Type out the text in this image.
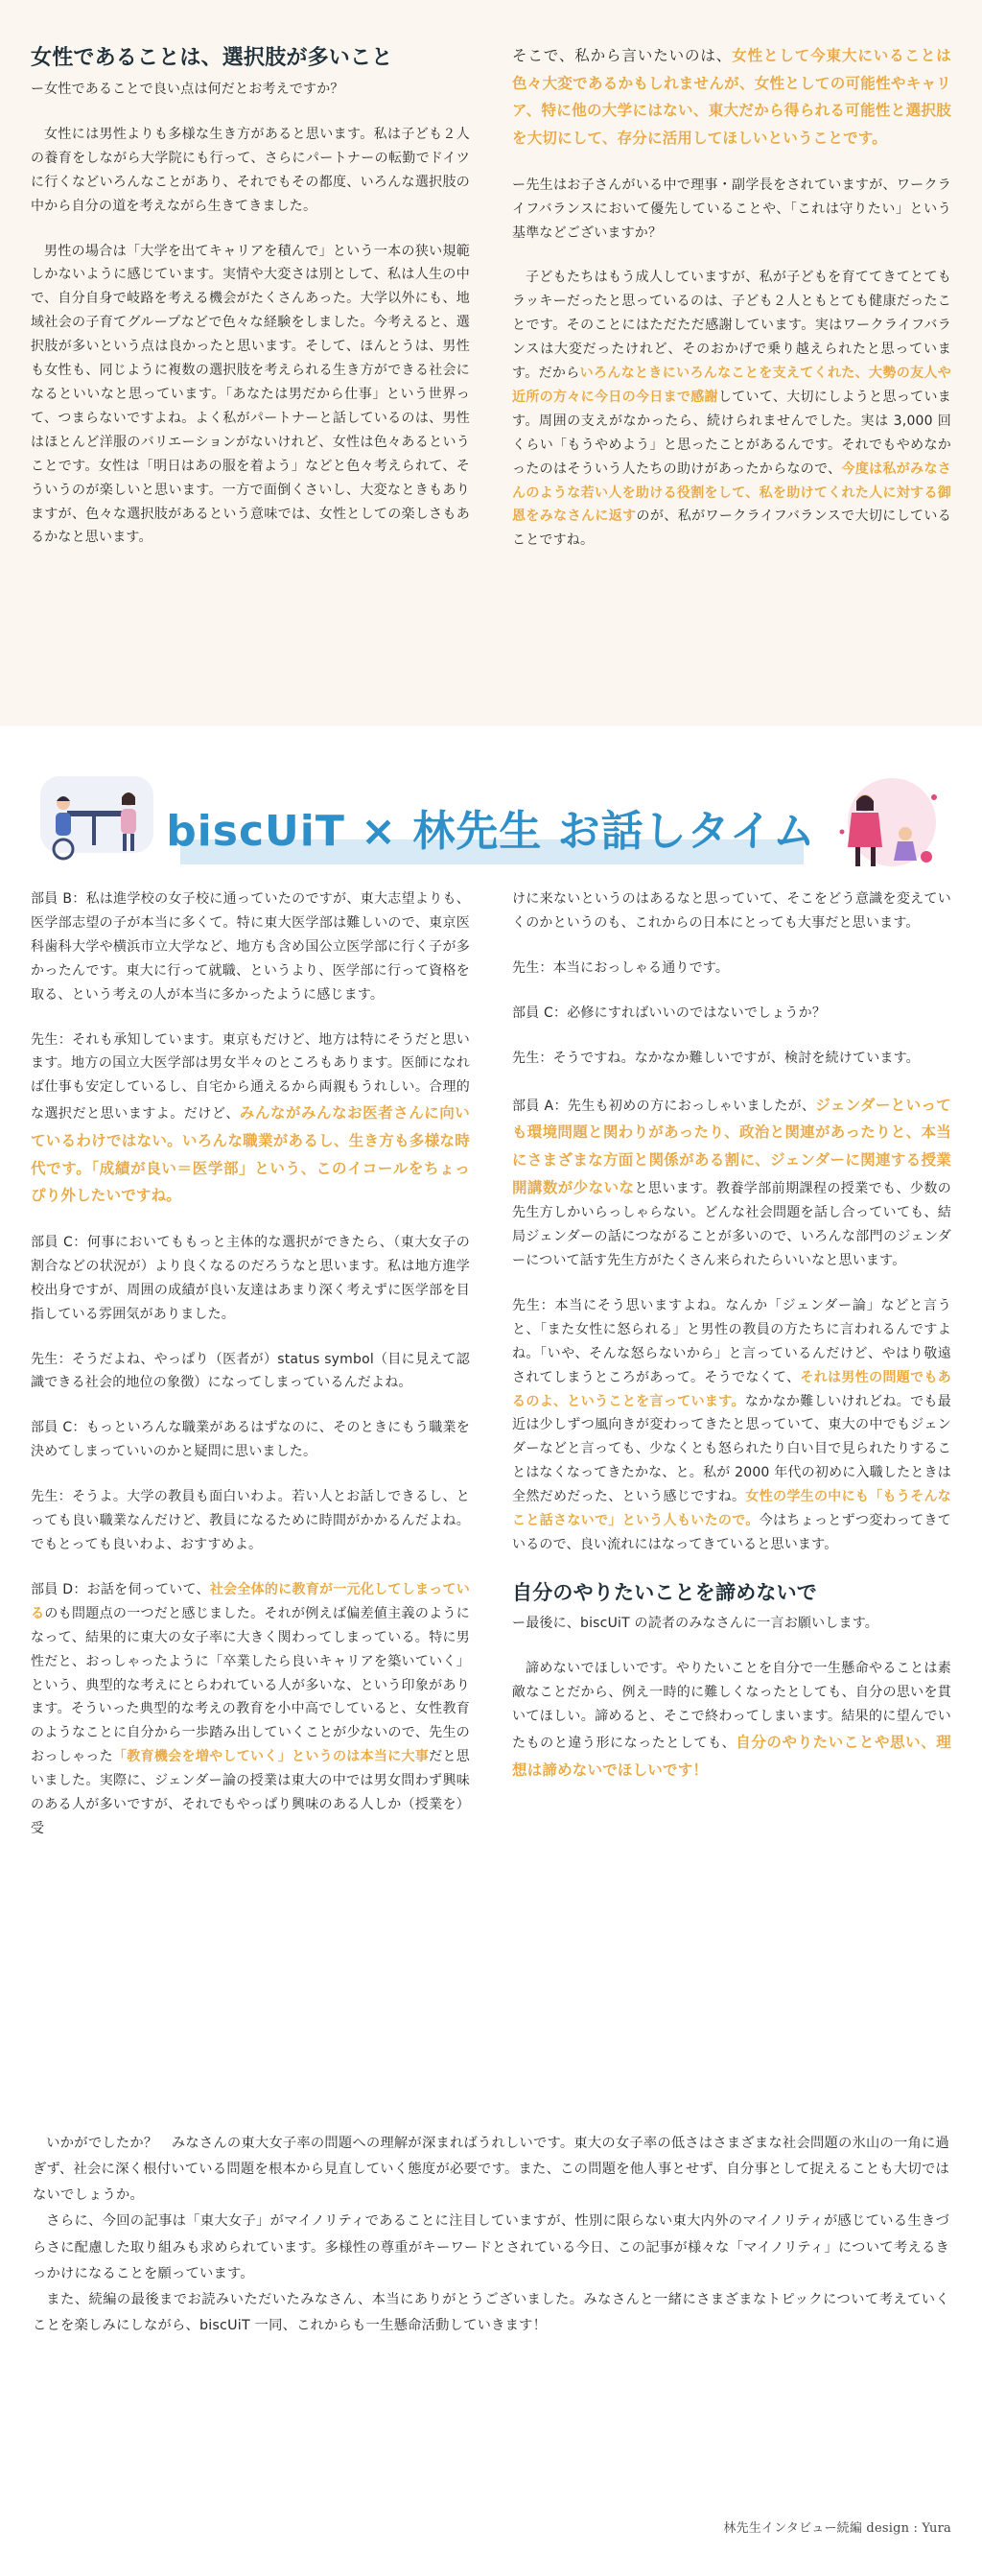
女性であることは、選択肢が多いこと

ー女性であることで良い点は何だとお考えですか？

女性には男性よりも多様な生き方があると思います。私は子ども２人の養育をしながら大学院にも行って、さらにパートナーの転勤でドイツに行くなどいろんなことがあり、それでもその都度、いろんな選択肢の中から自分の道を考えながら生きてきました。

男性の場合は「大学を出てキャリアを積んで」という一本の狭い規範しかないように感じています。実情や大変さは別として、私は人生の中で、自分自身で岐路を考える機会がたくさんあった。大学以外にも、地域社会の子育てグループなどで色々な経験をしました。今考えると、選択肢が多いという点は良かったと思います。そして、ほんとうは、男性も女性も、同じように複数の選択肢を考えられる生き方ができる社会になるといいなと思っています。「あなたは男だから仕事」という世界って、つまらないですよね。よく私がパートナーと話しているのは、男性はほとんど洋服のバリエーションがないけれど、女性は色々あるということです。女性は「明日はあの服を着よう」などと色々考えられて、そういうのが楽しいと思います。一方で面倒くさいし、大変なときもありますが、色々な選択肢があるという意味では、女性としての楽しさもあるかなと思います。

そこで、私から言いたいのは、女性として今東大にいることは色々大変であるかもしれませんが、女性としての可能性やキャリア、特に他の大学にはない、東大だから得られる可能性と選択肢を大切にして、存分に活用してほしいということです。

ー先生はお子さんがいる中で理事・副学長をされていますが、ワークライフバランスにおいて優先していることや、「これは守りたい」という基準などございますか？

子どもたちはもう成人していますが、私が子どもを育ててきてとてもラッキーだったと思っているのは、子ども２人ともとても健康だったことです。そのことにはただただ感謝しています。実はワークライフバランスは大変だったけれど、そのおかげで乗り越えられたと思っています。だからいろんなときにいろんなことを支えてくれた、大勢の友人や近所の方々に今日の今日まで感謝していて、大切にしようと思っています。周囲の支えがなかったら、続けられませんでした。実は 3,000 回くらい「もうやめよう」と思ったことがあるんです。それでもやめなかったのはそういう人たちの助けがあったからなので、今度は私がみなさんのような若い人を助ける役割をして、私を助けてくれた人に対する御恩をみなさんに返すのが、私がワークライフバランスで大切にしていることですね。

biscUiT × 林先生 お話しタイム

部員 B：私は進学校の女子校に通っていたのですが、東大志望よりも、医学部志望の子が本当に多くて。特に東大医学部は難しいので、東京医科歯科大学や横浜市立大学など、地方も含め国公立医学部に行く子が多かったんです。東大に行って就職、というより、医学部に行って資格を取る、という考えの人が本当に多かったように感じます。

先生：それも承知しています。東京もだけど、地方は特にそうだと思います。地方の国立大医学部は男女半々のところもあります。医師になれば仕事も安定しているし、自宅から通えるから両親もうれしい。合理的な選択だと思いますよ。だけど、みんながみんなお医者さんに向いているわけではない。いろんな職業があるし、生き方も多様な時代です。「成績が良い＝医学部」という、このイコールをちょっぴり外したいですね。

部員 C：何事においてももっと主体的な選択ができたら、（東大女子の割合などの状況が）より良くなるのだろうなと思います。私は地方進学校出身ですが、周囲の成績が良い友達はあまり深く考えずに医学部を目指している雰囲気がありました。

先生：そうだよね、やっぱり（医者が）status symbol（目に見えて認識できる社会的地位の象徴）になってしまっているんだよね。

部員 C：もっといろんな職業があるはずなのに、そのときにもう職業を決めてしまっていいのかと疑問に思いました。

先生：そうよ。大学の教員も面白いわよ。若い人とお話しできるし、とっても良い職業なんだけど、教員になるために時間がかかるんだよね。でもとっても良いわよ、おすすめよ。

部員 D：お話を伺っていて、社会全体的に教育が一元化してしまっているのも問題点の一つだと感じました。それが例えば偏差値主義のようになって、結果的に東大の女子率に大きく関わってしまっている。特に男性だと、おっしゃったように「卒業したら良いキャリアを築いていく」という、典型的な考えにとらわれている人が多いな、という印象があります。そういった典型的な考えの教育を小中高でしていると、女性教育のようなことに自分から一歩踏み出していくことが少ないので、先生のおっしゃった「教育機会を増やしていく」というのは本当に大事だと思いました。実際に、ジェンダー論の授業は東大の中では男女問わず興味のある人が多いですが、それでもやっぱり興味のある人しか（授業を）受

けに来ないというのはあるなと思っていて、そこをどう意識を変えていくのかというのも、これからの日本にとっても大事だと思います。

先生：本当におっしゃる通りです。

部員 C：必修にすればいいのではないでしょうか？

先生：そうですね。なかなか難しいですが、検討を続けています。

部員 A：先生も初めの方におっしゃいましたが、ジェンダーといっても環境問題と関わりがあったり、政治と関連があったりと、本当にさまざまな方面と関係がある割に、ジェンダーに関連する授業開講数が少ないなと思います。教養学部前期課程の授業でも、少数の先生方しかいらっしゃらない。どんな社会問題を話し合っていても、結局ジェンダーの話につながることが多いので、いろんな部門のジェンダーについて話す先生方がたくさん来られたらいいなと思います。

先生：本当にそう思いますよね。なんか「ジェンダー論」などと言うと、「また女性に怒られる」と男性の教員の方たちに言われるんですよね。「いや、そんな怒らないから」と言っているんだけど、やはり敬遠されてしまうところがあって。そうでなくて、それは男性の問題でもあるのよ、ということを言っています。なかなか難しいけれどね。でも最近は少しずつ風向きが変わってきたと思っていて、東大の中でもジェンダーなどと言っても、少なくとも怒られたり白い目で見られたりすることはなくなってきたかな、と。私が 2000 年代の初めに入職したときは全然だめだった、という感じですね。女性の学生の中にも「もうそんなこと話さないで」という人もいたので。今はちょっとずつ変わってきているので、良い流れにはなってきていると思います。

自分のやりたいことを諦めないで

ー最後に、biscUiT の読者のみなさんに一言お願いします。

諦めないでほしいです。やりたいことを自分で一生懸命やることは素敵なことだから、例え一時的に難しくなったとしても、自分の思いを貫いてほしい。諦めると、そこで終わってしまいます。結果的に望んでいたものと違う形になったとしても、自分のやりたいことや思い、理想は諦めないでほしいです！

いかがでしたか？　みなさんの東大女子率の問題への理解が深まればうれしいです。東大の女子率の低さはさまざまな社会問題の氷山の一角に過ぎず、社会に深く根付いている問題を根本から見直していく態度が必要です。また、この問題を他人事とせず、自分事として捉えることも大切ではないでしょうか。

さらに、今回の記事は「東大女子」がマイノリティであることに注目していますが、性別に限らない東大内外のマイノリティが感じている生きづらさに配慮した取り組みも求められています。多様性の尊重がキーワードとされている今日、この記事が様々な「マイノリティ」について考えるきっかけになることを願っています。

また、続編の最後までお読みいただいたみなさん、本当にありがとうございました。みなさんと一緒にさまざまなトピックについて考えていくことを楽しみにしながら、biscUiT 一同、これからも一生懸命活動していきます！

林先生インタビュー続編 design : Yura
